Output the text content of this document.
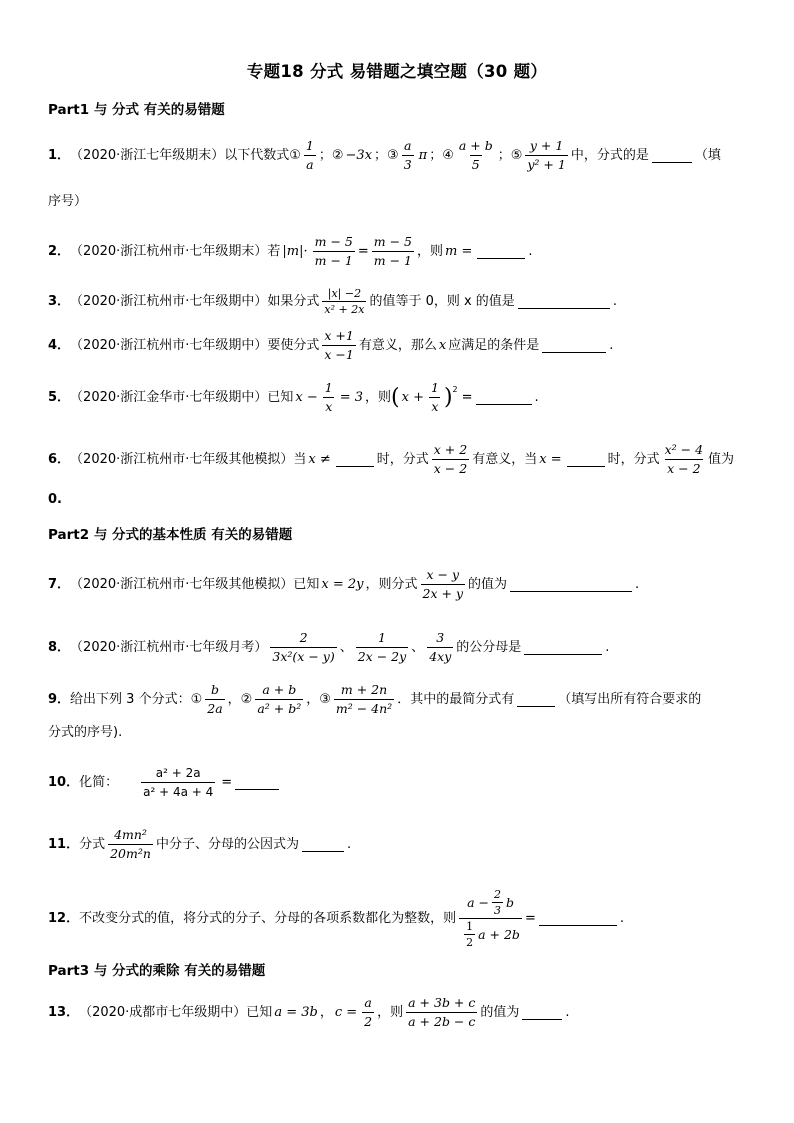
专题18 分式 易错题之填空题（30 题）
Part1 与 分式 有关的易错题
1． （2020·浙江七年级期末）以下代数式① $\frac{1}{a}$ ；② −3x ；③ $\frac{a}{3}$ π ；④ $\frac{a + b}{5}$ ；⑤ $\frac{y + 1}{\text{y² + 1}}$ 中，分式的是	（填
序号）
2． （2020·浙江杭州市·七年级期末）若 $|m|\cdot \frac{m - 5}{m - 1} = \frac{m - 5}{m - 1}$ ，则 m =	.
3． （2020·浙江杭州市·七年级期中）如果分式 $\frac{|x| -2}{\text{x² + 2x}}$ 的值等于 0，则 x 的值是	.
4． （2020·浙江杭州市·七年级期中）要使分式 $\frac{x +1}{x -1}$ 有意义，那么 x 应满足的条件是	.
5． （2020·浙江金华市·七年级期中）已知 $x - \frac{1}{x} = 3$ ，则 ( $x + \frac{1}{x} )^2$ =	.
6． （2020·浙江杭州市·七年级其他模拟）当 x ≠	时，分式 $\frac{x + 2}{x - 2}$ 有意义，当 x =	时，分式 $\frac{\text{x² − 4}}{x - 2}$ 值为
0.
Part2 与 分式的基本性质 有关的易错题
7． （2020·浙江杭州市·七年级其他模拟）已知 x = 2y ，则分式 $\frac{x - y}{2x + y}$ 的值为	.
8． （2020·浙江杭州市·七年级月考） $\frac{2}{\text{3x²(x − y)}}$ 、 $\frac{1}{2x - 2y}$ 、 $\frac{3}{4xy}$ 的公分母是	.
9． 给出下列 3 个分式：① $\frac{b}{2a}$ ，② $\frac{a + b}{\text{a² + b²}}$ ，③ $\frac{m + 2n}{\text{m² − 4n²}}$ ．其中的最简分式有	（填写出所有符合要求的
分式的序号).
10． 化简： $\frac{\text{a² + 2a}}{\text{a² + 4a + 4}}$ =
11． 分式 $\frac{\text{4mn²}}{\text{20m²n}}$ 中分子、分母的公因式为	.
12． 不改变分式的值，将分式的分子、分母的各项系数都化为整数，则 $\frac{a - \frac{2}{3} b}{\frac{1}{2} a + 2b}$ =	.
Part3 与 分式的乘除 有关的易错题
13． （2020·成都市七年级期中）已知 a = 3b ， $c = \frac{a}{2}$ ，则 $\frac{a + 3b + c}{a + 2b - c}$ 的值为	.
